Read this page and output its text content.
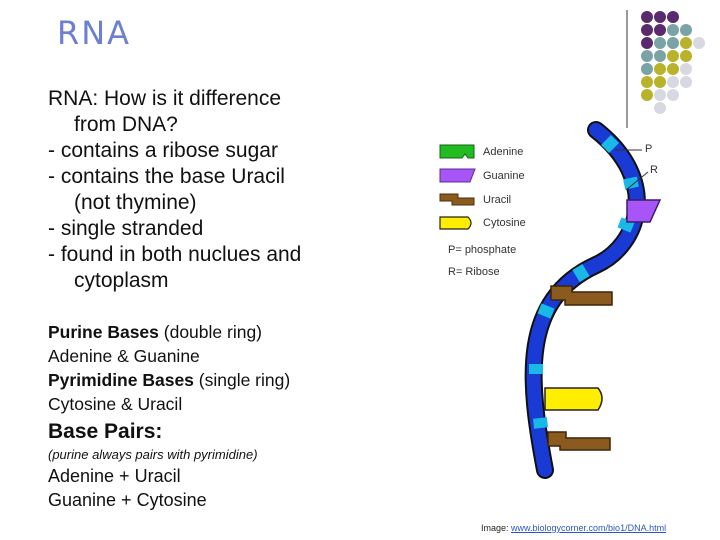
RNA
RNA: How is it difference
from DNA?
- contains a ribose sugar
- contains the base Uracil
(not thymine)
- single stranded
- found in both nuclues and
cytoplasm
Purine Bases (double ring)
Adenine & Guanine
Pyrimidine Bases (single ring)
Cytosine & Uracil
Base Pairs:
(purine always pairs with pyrimidine)
Adenine + Uracil
Guanine + Cytosine
Adenine
Guanine
Uracil
Cytosine
P= phosphate
R= Ribose
P
R
Image: www.biologycorner.com/bio1/DNA.html
